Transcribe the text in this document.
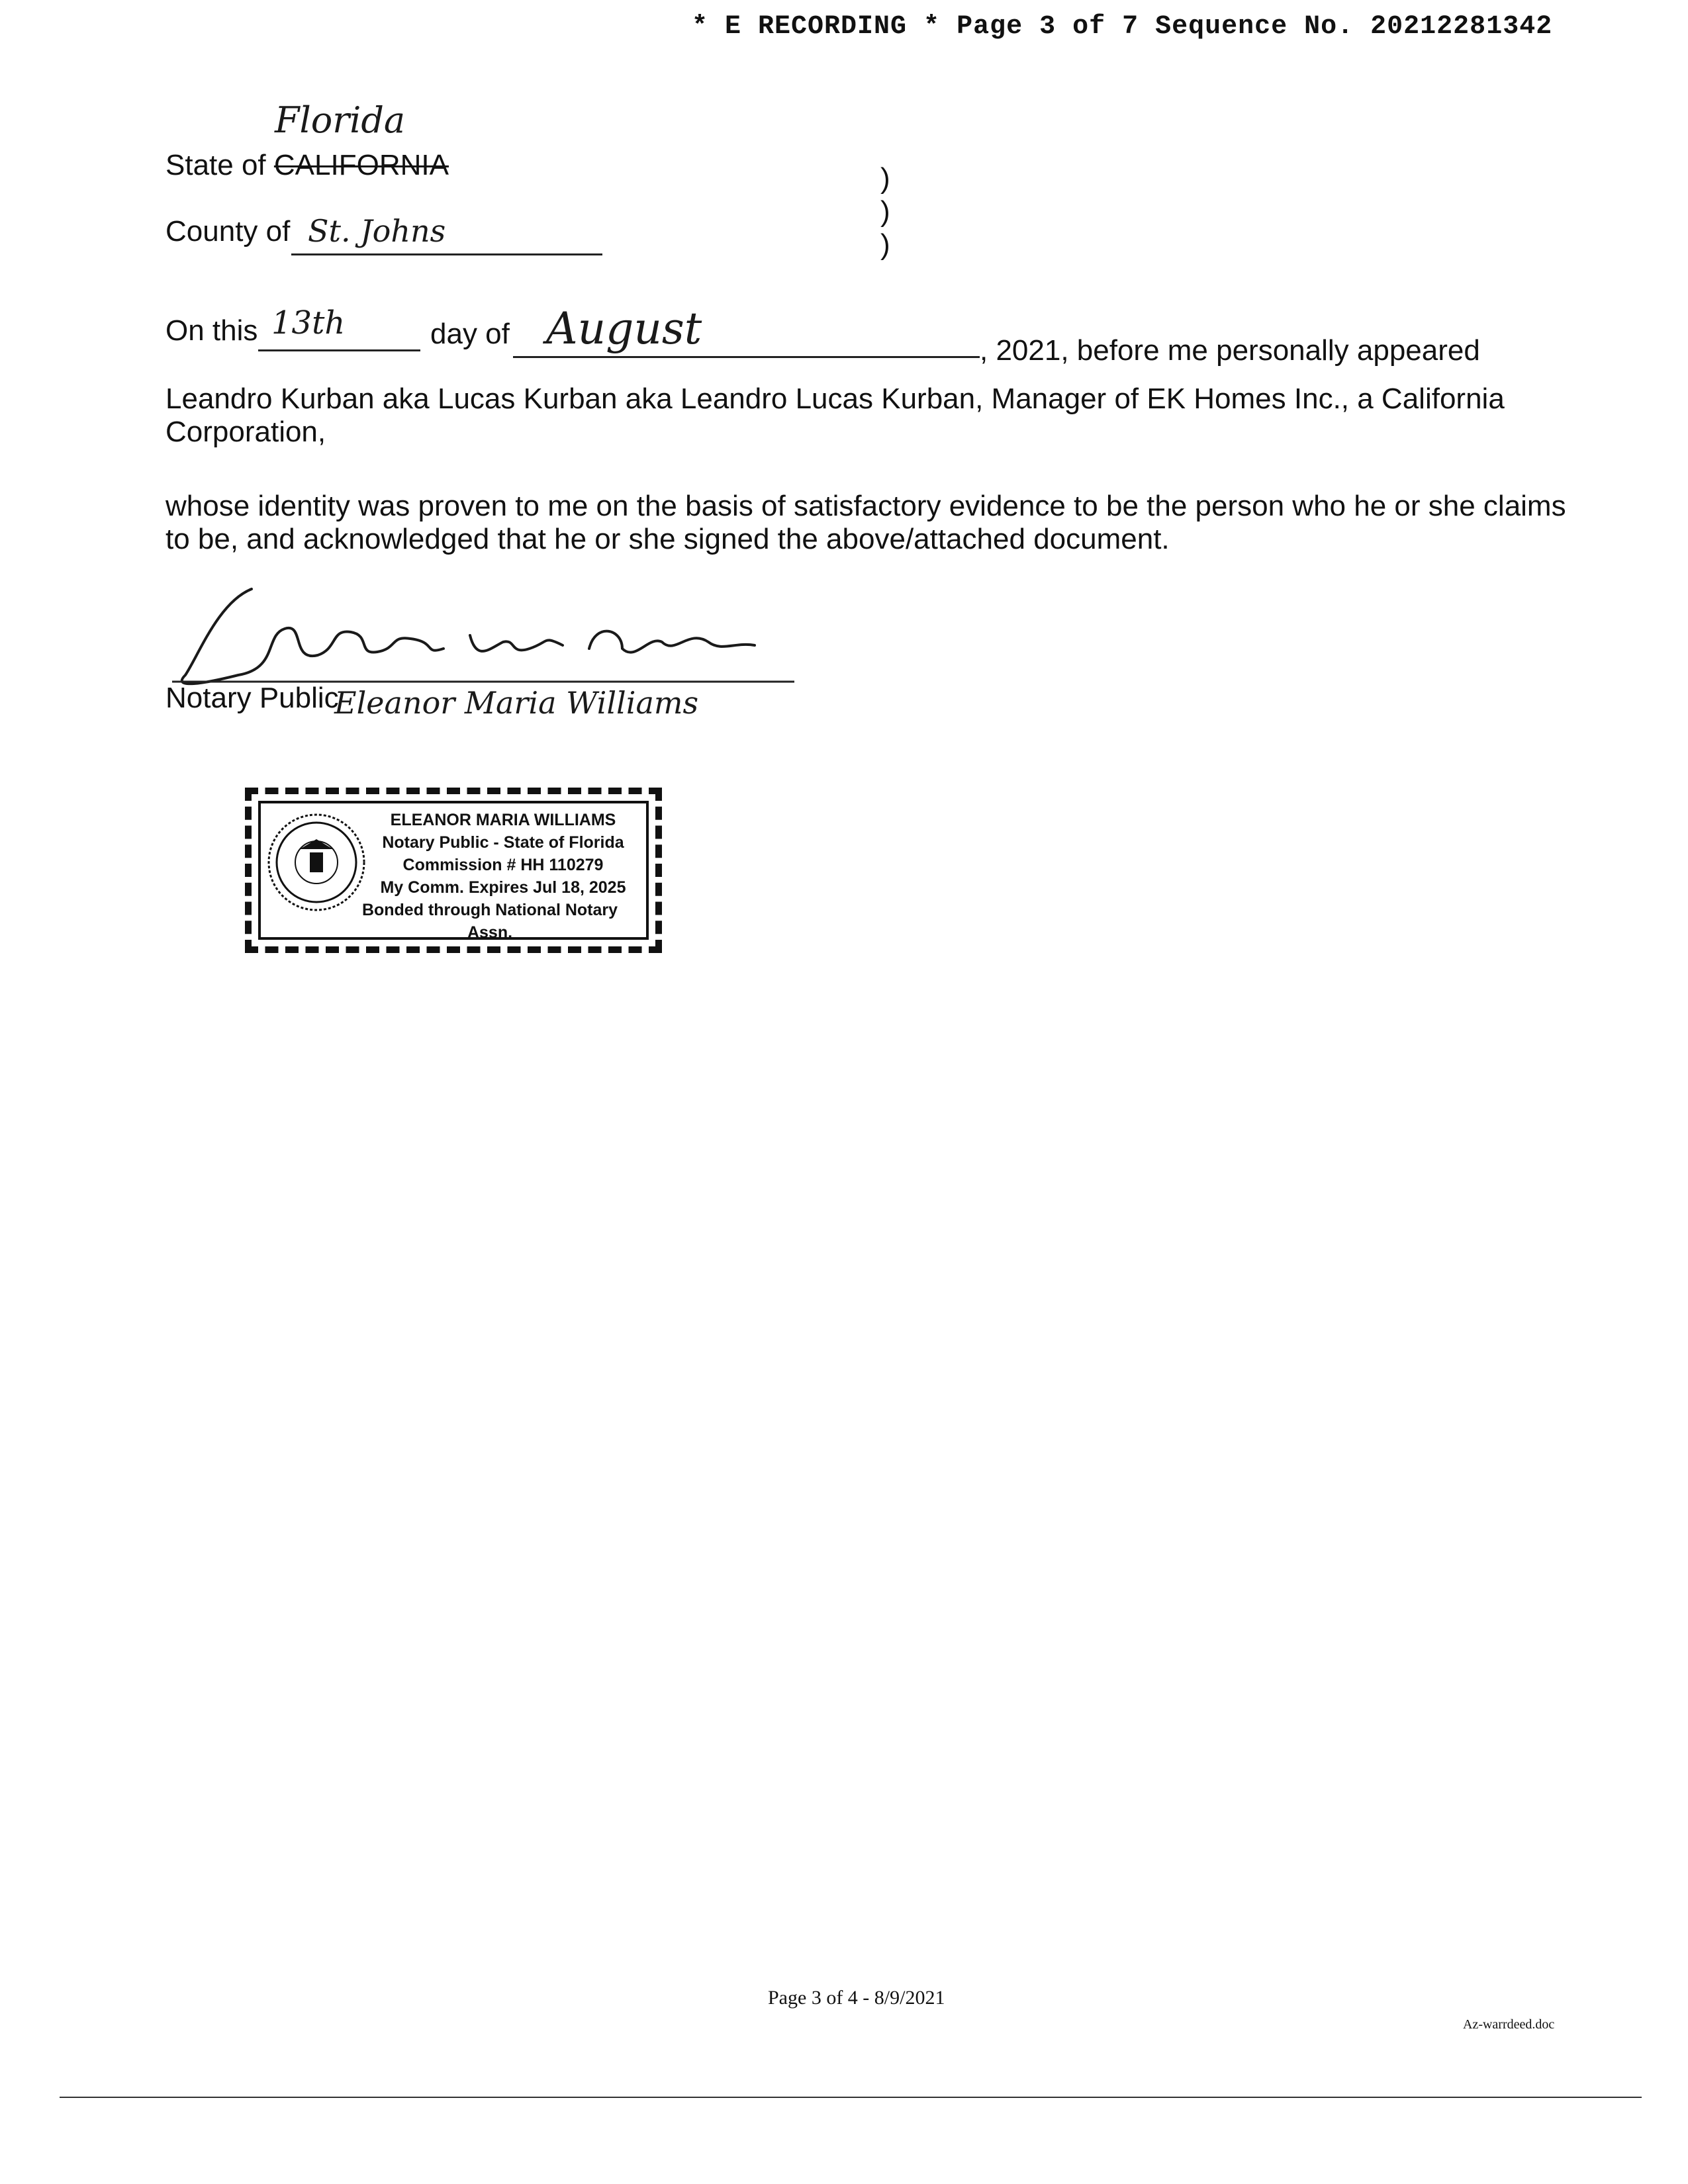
* E RECORDING * Page 3 of 7 Sequence No. 20212281342
Florida
State of CALIFORNIA	)
)
)
County of St. Johns
On this 13th	day of August	, 2021, before me personally appeared
Leandro Kurban aka Lucas Kurban aka Leandro Lucas Kurban, Manager of EK Homes Inc., a California Corporation,
whose identity was proven to me on the basis of satisfactory evidence to be the person who he or she claims to be, and acknowledged that he or she signed the above/attached document.
Notary Public
Eleanor Maria Williams
ELEANOR MARIA WILLIAMS
Notary Public - State of Florida
Commission # HH 110279
My Comm. Expires Jul 18, 2025
Bonded through National Notary Assn.
Page 3 of 4 - 8/9/2021
Az-warrdeed.doc
